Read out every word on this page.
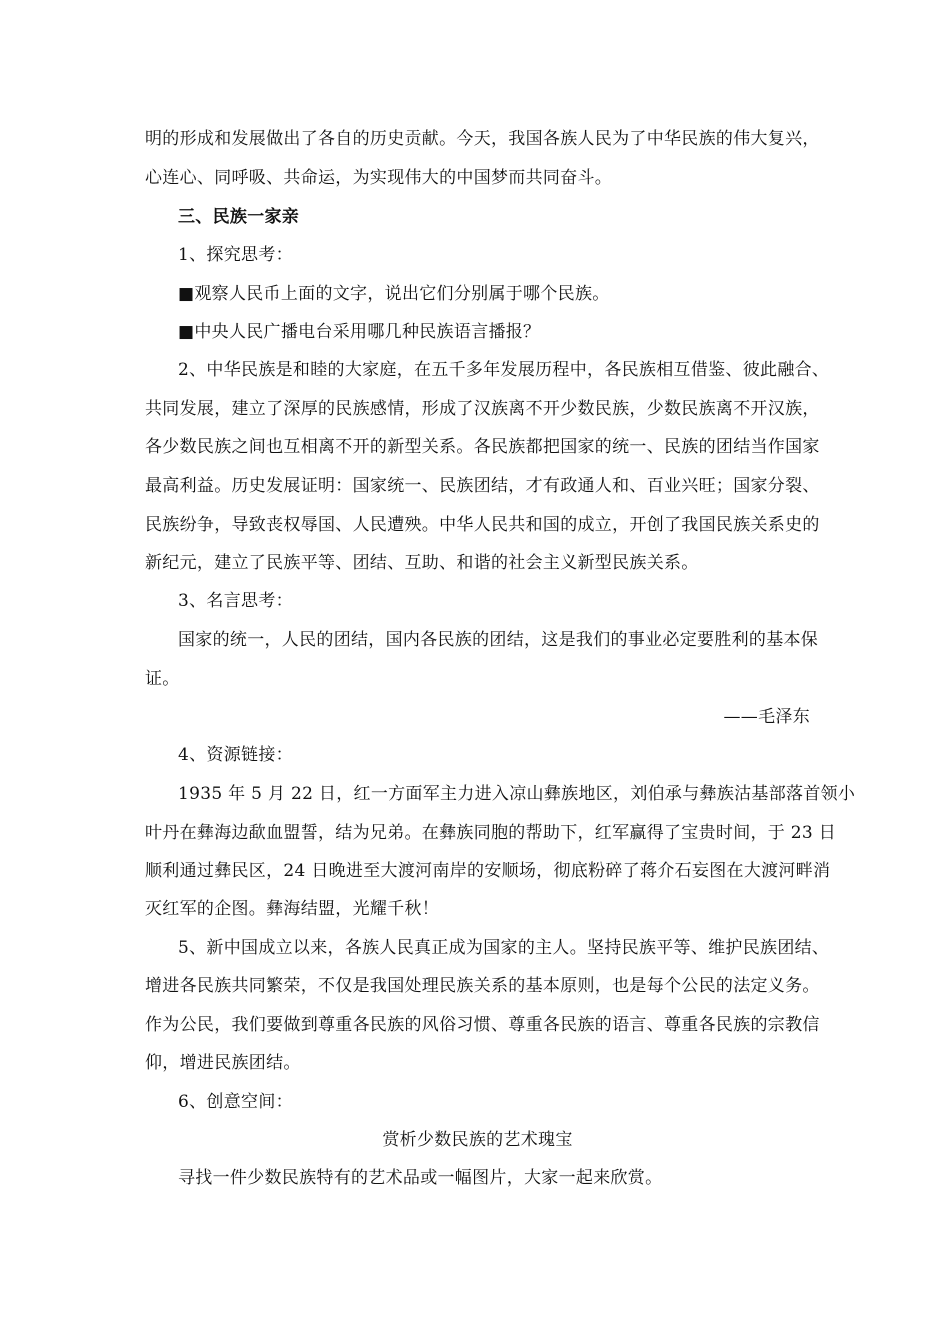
明的形成和发展做出了各自的历史贡献。今天，我国各族人民为了中华民族的伟大复兴，
心连心、同呼吸、共命运，为实现伟大的中国梦而共同奋斗。
三、民族一家亲
1、探究思考：
■观察人民币上面的文字，说出它们分别属于哪个民族。
■中央人民广播电台采用哪几种民族语言播报？
2、中华民族是和睦的大家庭，在五千多年发展历程中，各民族相互借鉴、彼此融合、
共同发展，建立了深厚的民族感情，形成了汉族离不开少数民族，少数民族离不开汉族，
各少数民族之间也互相离不开的新型关系。各民族都把国家的统一、民族的团结当作国家
最高利益。历史发展证明：国家统一、民族团结，才有政通人和、百业兴旺；国家分裂、
民族纷争，导致丧权辱国、人民遭殃。中华人民共和国的成立，开创了我国民族关系史的
新纪元，建立了民族平等、团结、互助、和谐的社会主义新型民族关系。
3、名言思考：
国家的统一，人民的团结，国内各民族的团结，这是我们的事业必定要胜利的基本保
证。
——毛泽东
4、资源链接：
1935 年 5 月 22 日，红一方面军主力进入凉山彝族地区，刘伯承与彝族沽基部落首领小
叶丹在彝海边歃血盟誓，结为兄弟。在彝族同胞的帮助下，红军赢得了宝贵时间，于 23 日
顺利通过彝民区，24 日晚进至大渡河南岸的安顺场，彻底粉碎了蒋介石妄图在大渡河畔消
灭红军的企图。彝海结盟，光耀千秋！
5、新中国成立以来，各族人民真正成为国家的主人。坚持民族平等、维护民族团结、
增进各民族共同繁荣，不仅是我国处理民族关系的基本原则，也是每个公民的法定义务。
作为公民，我们要做到尊重各民族的风俗习惯、尊重各民族的语言、尊重各民族的宗教信
仰，增进民族团结。
6、创意空间：
赏析少数民族的艺术瑰宝
寻找一件少数民族特有的艺术品或一幅图片，大家一起来欣赏。
